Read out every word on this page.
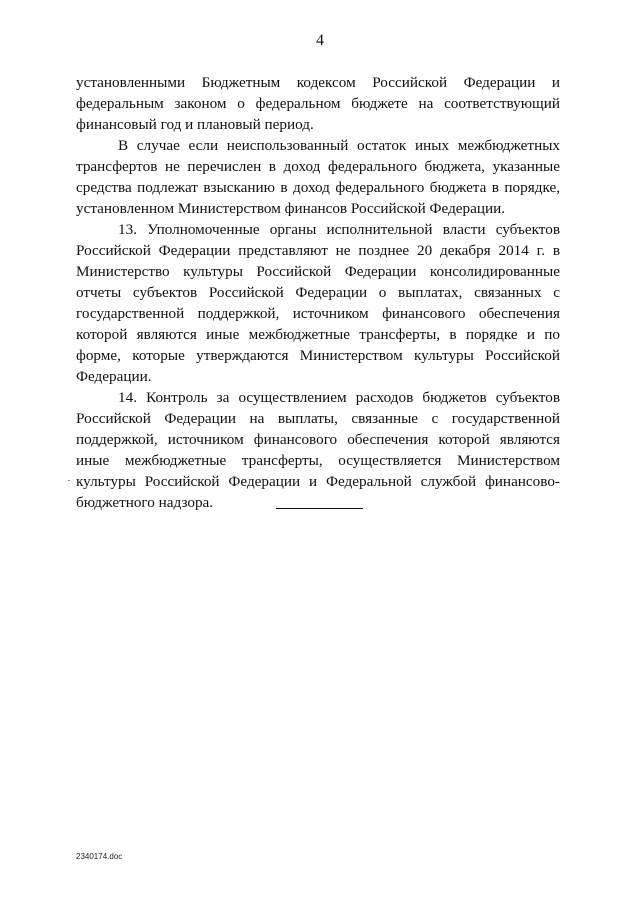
4

установленными Бюджетным кодексом Российской Федерации и федеральным законом о федеральном бюджете на соответствующий финансовый год и плановый период.

В случае если неиспользованный остаток иных межбюджетных трансфертов не перечислен в доход федерального бюджета, указанные средства подлежат взысканию в доход федерального бюджета в порядке, установленном Министерством финансов Российской Федерации.

13. Уполномоченные органы исполнительной власти субъектов Российской Федерации представляют не позднее 20 декабря 2014 г. в Министерство культуры Российской Федерации консолидированные отчеты субъектов Российской Федерации о выплатах, связанных с государственной поддержкой, источником финансового обеспечения которой являются иные межбюджетные трансферты, в порядке и по форме, которые утверждаются Министерством культуры Российской Федерации.

14. Контроль за осуществлением расходов бюджетов субъектов Российской Федерации на выплаты, связанные с государственной поддержкой, источником финансового обеспечения которой являются иные межбюджетные трансферты, осуществляется Министерством культуры Российской Федерации и Федеральной службой финансово-бюджетного надзора.

2340174.doc
